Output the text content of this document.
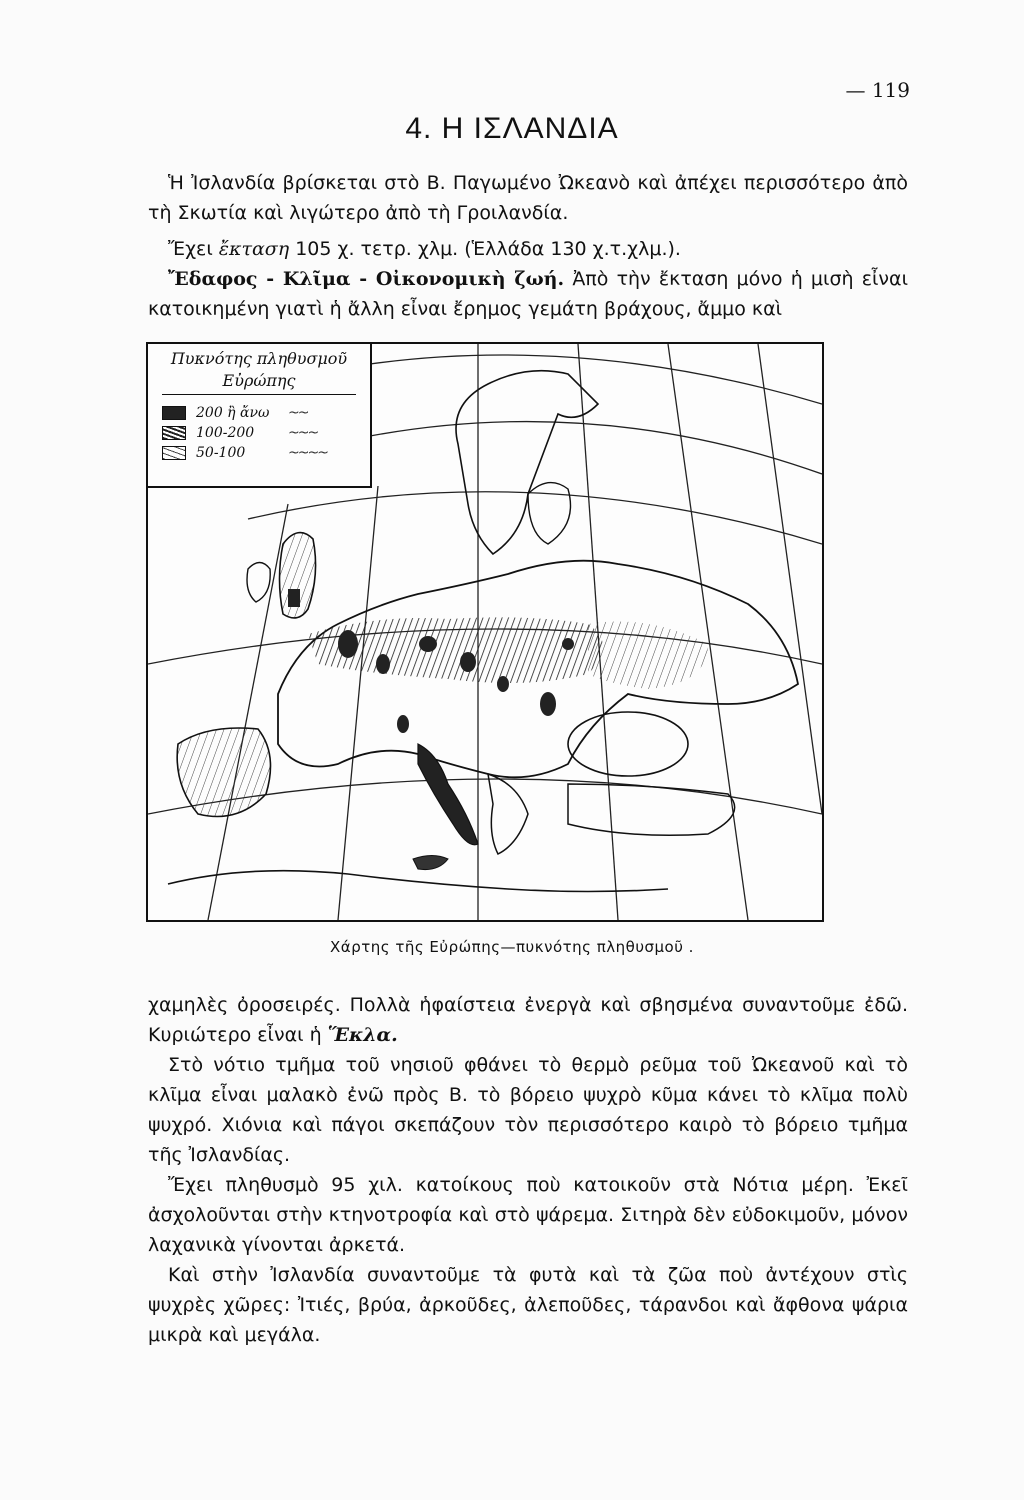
— 119
4. Η ΙΣΛΑΝΔΙΑ

Ἡ Ἰσλανδία βρίσκεται στὸ Β. Παγωμένο Ὠκεανὸ καὶ ἀπέχει περισσότερο ἀπὸ τὴ Σκωτία καὶ λιγώτερο ἀπὸ τὴ Γροιλανδία.

Ἔχει ἔκταση 105 χ. τετρ. χλμ. (Ἑλλάδα 130 χ.τ.χλμ.).

Ἔδαφος - Κλῖμα - Οἰκονομικὴ ζωή. Ἀπὸ τὴν ἔκταση μόνο ἡ μισὴ εἶναι κατοικημένη γιατὶ ἡ ἄλλη εἶναι ἔρημος γεμάτη βράχους, ἄμμο καὶ

Πυκνότης πληθυσμοῦ
Εὐρώπης
200 ἢ ἄνω	~~
100-200	~~~
50-100	~~~~
Χάρτης τῆς Εὐρώπης—πυκνότης πληθυσμοῦ .

χαμηλὲς ὀροσειρές. Πολλὰ ἡφαίστεια ἐνεργὰ καὶ σβησμένα συναντοῦμε ἐδῶ. Κυριώτερο εἶναι ἡ Ἕκλα.

Στὸ νότιο τμῆμα τοῦ νησιοῦ φθάνει τὸ θερμὸ ρεῦμα τοῦ Ὠκεανοῦ καὶ τὸ κλῖμα εἶναι μαλακὸ ἐνῶ πρὸς Β. τὸ βόρειο ψυχρὸ κῦμα κάνει τὸ κλῖμα πολὺ ψυχρό. Χιόνια καὶ πάγοι σκεπάζουν τὸν περισσότερο καιρὸ τὸ βόρειο τμῆμα τῆς Ἰσλανδίας.

Ἔχει πληθυσμὸ 95 χιλ. κατοίκους ποὺ κατοικοῦν στὰ Νότια μέρη. Ἐκεῖ ἀσχολοῦνται στὴν κτηνοτροφία καὶ στὸ ψάρεμα. Σιτηρὰ δὲν εὐδοκιμοῦν, μόνον λαχανικὰ γίνονται ἀρκετά.

Καὶ στὴν Ἰσλανδία συναντοῦμε τὰ φυτὰ καὶ τὰ ζῶα ποὺ ἀντέχουν στὶς ψυχρὲς χῶρες: Ἰτιές, βρύα, ἀρκοῦδες, ἀλεποῦδες, τάρανδοι καὶ ἄφθονα ψάρια μικρὰ καὶ μεγάλα.
